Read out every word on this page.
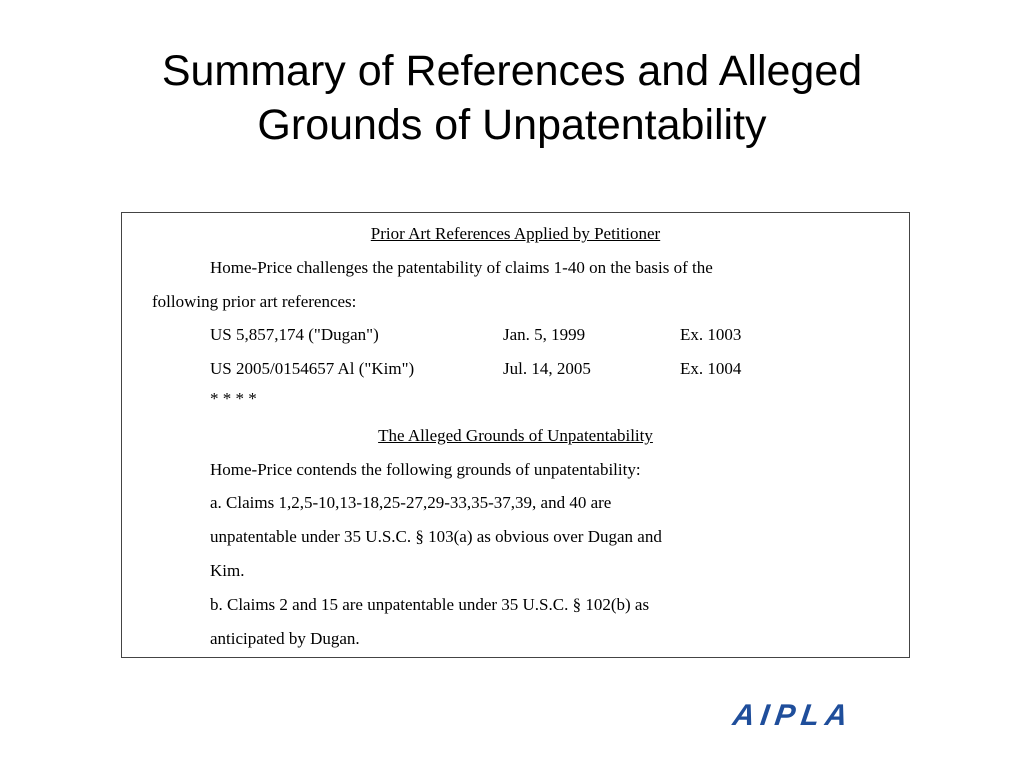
Summary of References and Alleged
Grounds of Unpatentability
Prior Art References Applied by Petitioner
Home-Price challenges the patentability of claims 1-40 on the basis of the
following prior art references:
US 5,857,174 ("Dugan")	Jan. 5, 1999	Ex. 1003
US 2005/0154657 Al ("Kim")	Jul. 14, 2005	Ex. 1004
* * * *
The Alleged Grounds of Unpatentability
Home-Price contends the following grounds of unpatentability:
a. Claims 1,2,5-10,13-18,25-27,29-33,35-37,39, and 40 are
unpatentable under 35 U.S.C. § 103(a) as obvious over Dugan and
Kim.
b. Claims 2 and 15 are unpatentable under 35 U.S.C. § 102(b) as
anticipated by Dugan.
AIPLA
